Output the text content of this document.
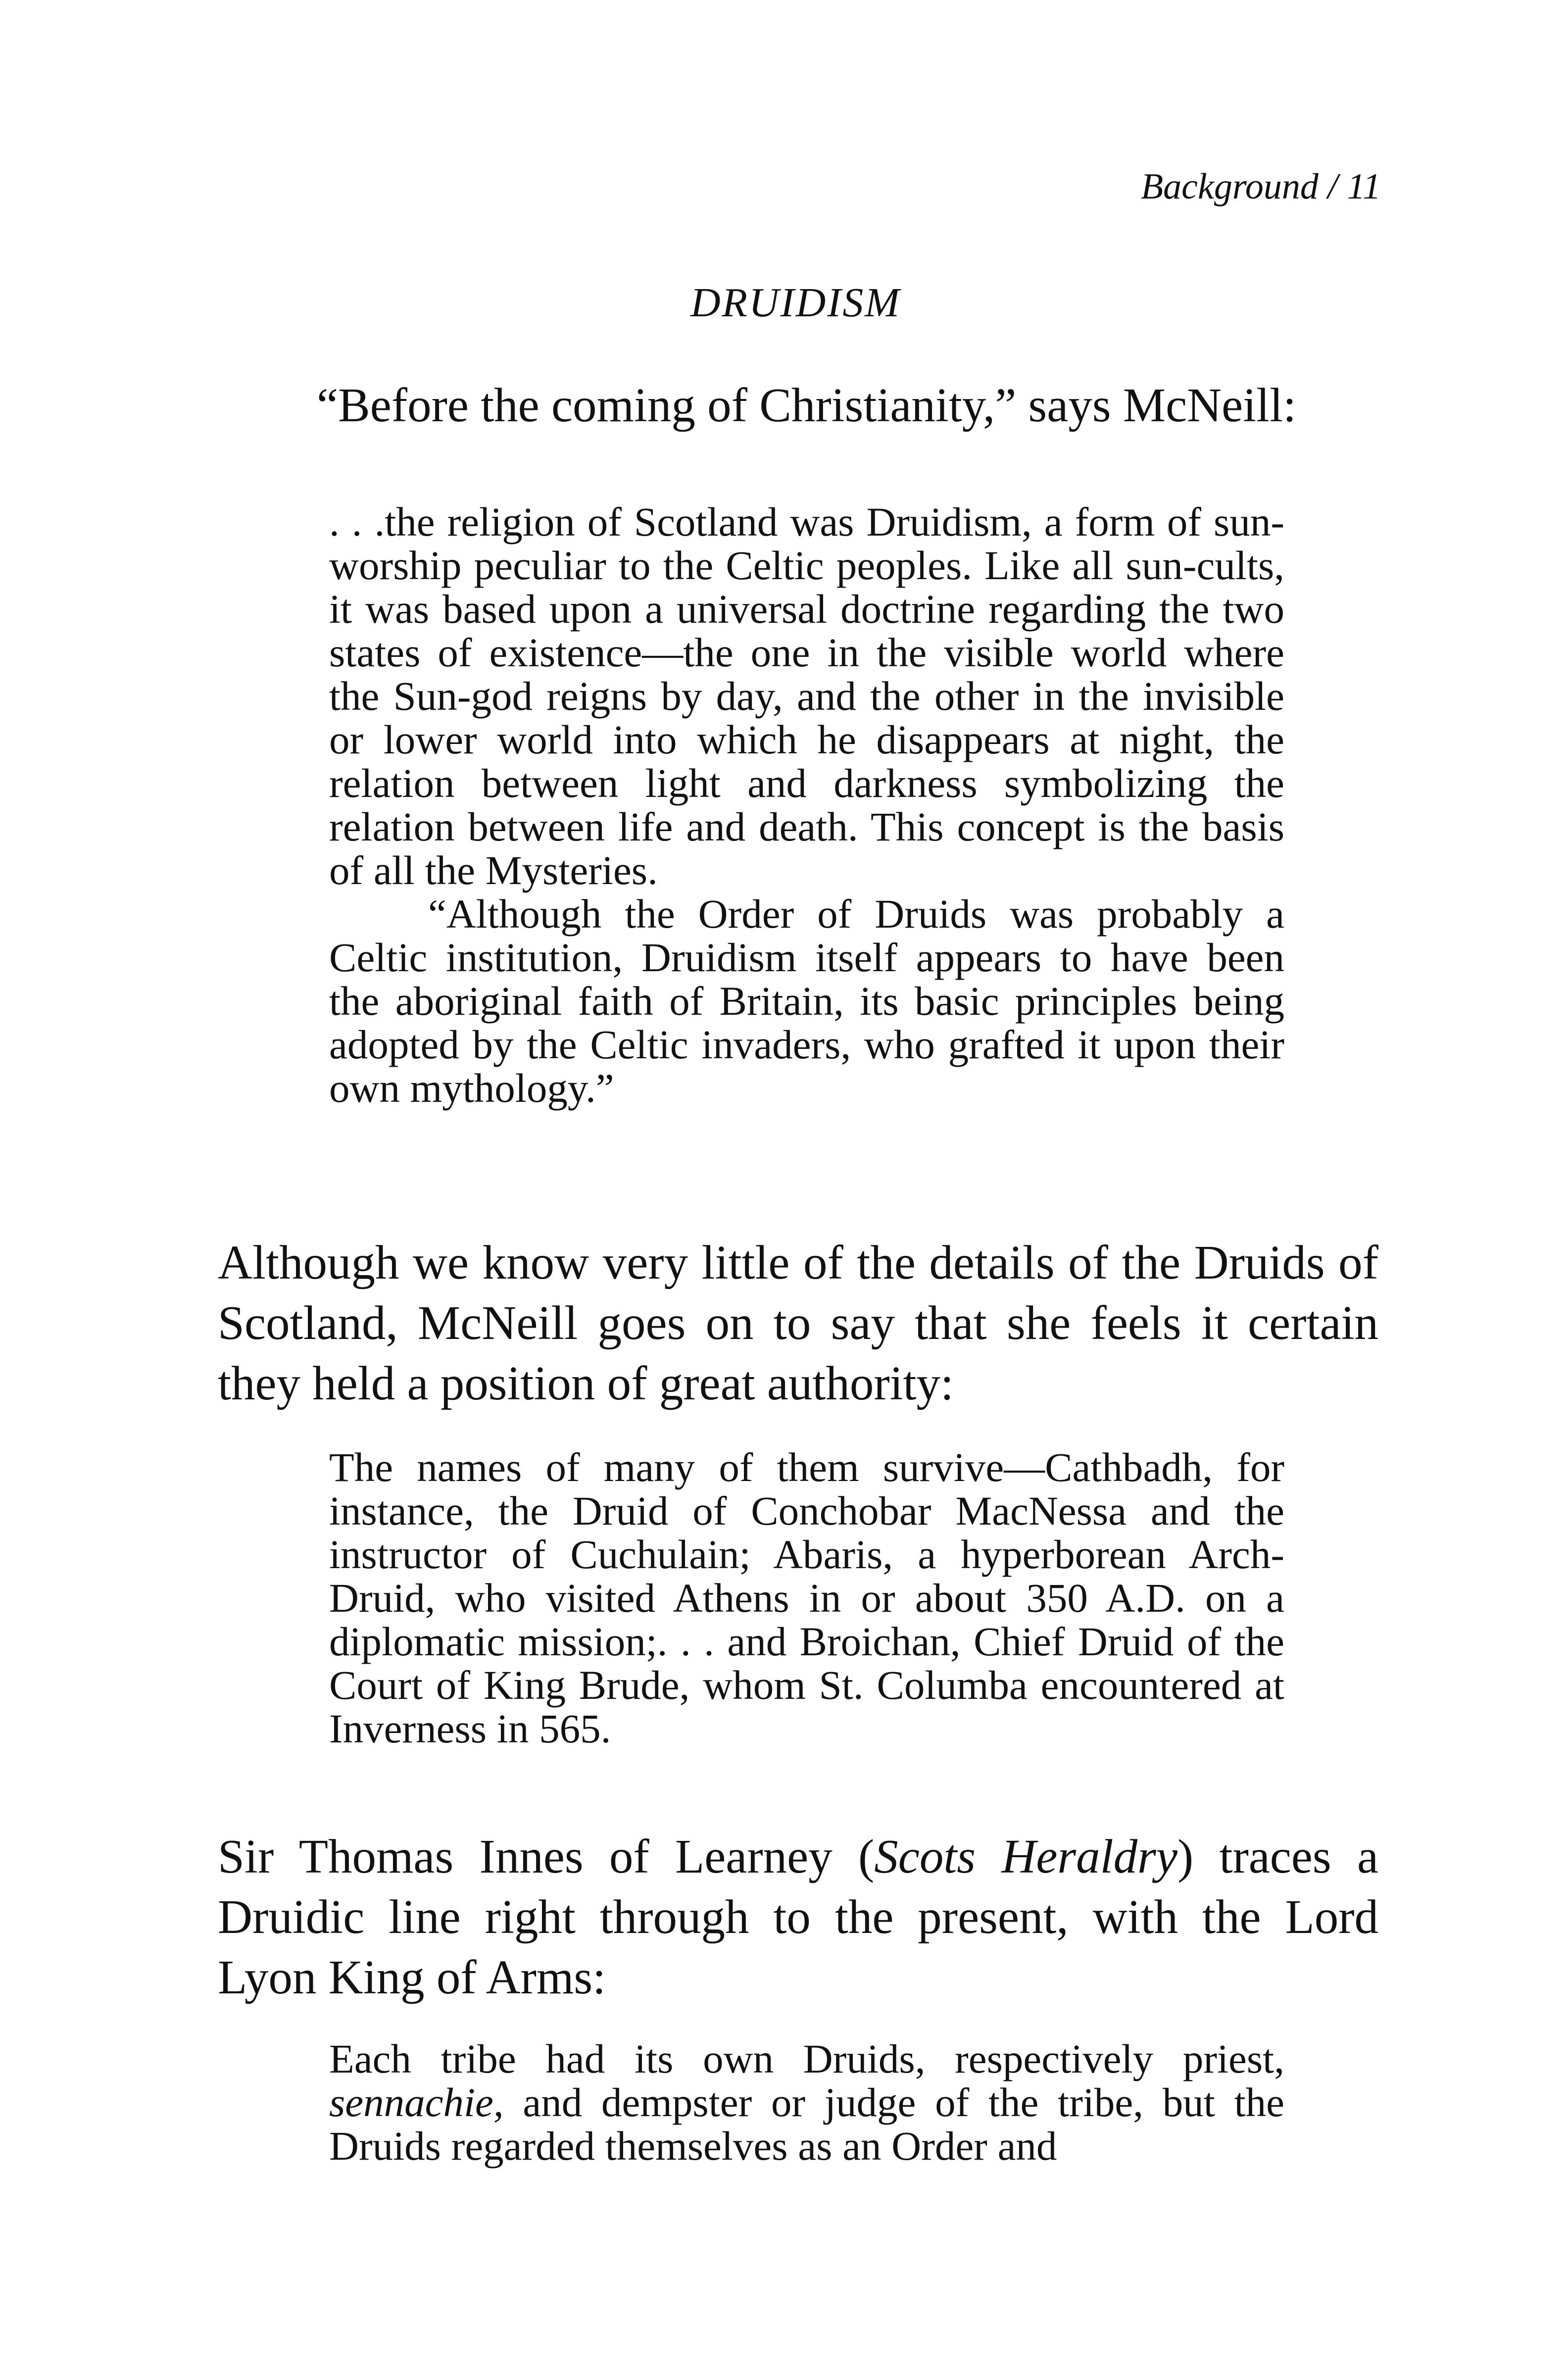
Background / 11
DRUIDISM

“Before the coming of Christianity,” says McNeill:

. . .the religion of Scotland was Druidism, a form of sun-worship peculiar to the Celtic peoples. Like all sun-cults, it was based upon a universal doctrine regarding the two states of existence—the one in the visible world where the Sun-god reigns by day, and the other in the invisible or lower world into which he disappears at night, the relation between light and darkness symbolizing the relation between life and death. This concept is the basis of all the Mysteries.

“Although the Order of Druids was probably a Celtic institution, Druidism itself appears to have been the aboriginal faith of Britain, its basic principles being adopted by the Celtic invaders, who grafted it upon their own mythology.”

Although we know very little of the details of the Druids of Scotland, McNeill goes on to say that she feels it certain they held a position of great authority:

The names of many of them survive—Cathbadh, for instance, the Druid of Conchobar MacNessa and the instructor of Cuchulain; Abaris, a hyperborean Arch-Druid, who visited Athens in or about 350 A.D. on a diplomatic mission;. . . and Broichan, Chief Druid of the Court of King Brude, whom St. Columba encountered at Inverness in 565.

Sir Thomas Innes of Learney (Scots Heraldry) traces a Druidic line right through to the present, with the Lord Lyon King of Arms:

Each tribe had its own Druids, respectively priest, sennachie, and dempster or judge of the tribe, but the Druids regarded themselves as an Order and
